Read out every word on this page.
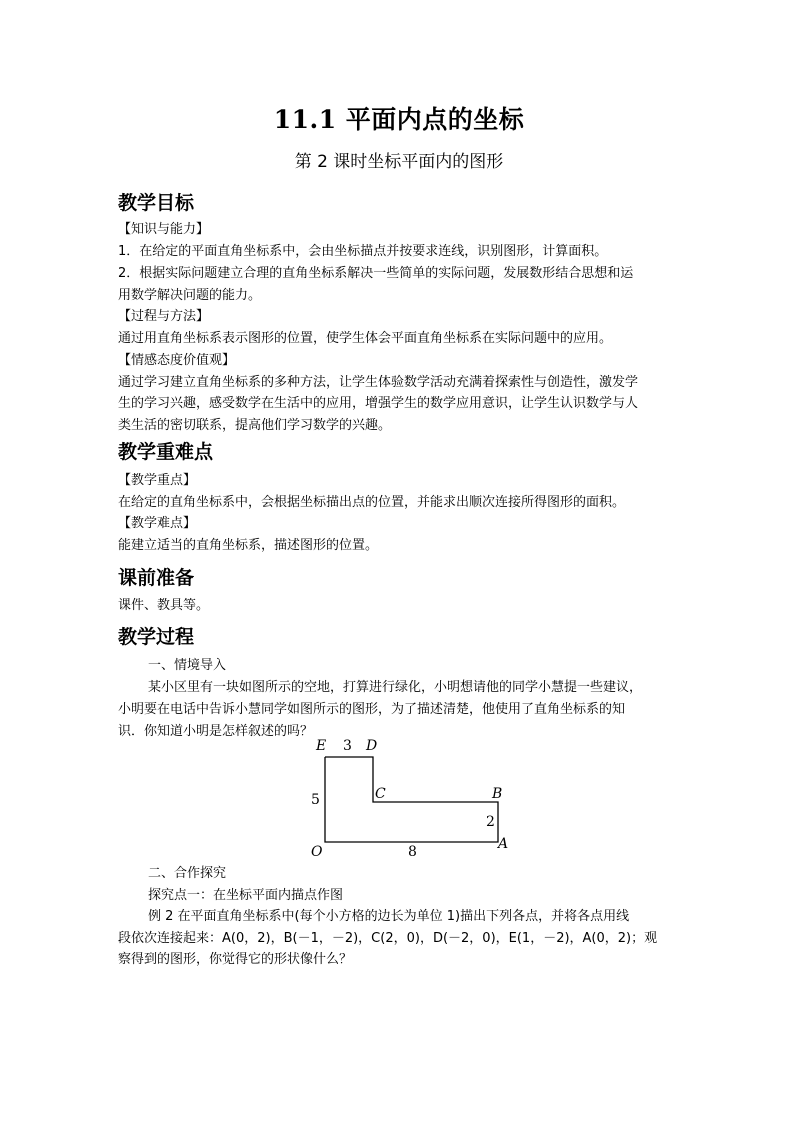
11.1 平面内点的坐标
第 2 课时坐标平面内的图形
教学目标
【知识与能力】
1．在给定的平面直角坐标系中，会由坐标描点并按要求连线，识别图形，计算面积。
2．根据实际问题建立合理的直角坐标系解决一些简单的实际问题，发展数形结合思想和运
用数学解决问题的能力。
【过程与方法】
通过用直角坐标系表示图形的位置，使学生体会平面直角坐标系在实际问题中的应用。
【情感态度价值观】
通过学习建立直角坐标系的多种方法，让学生体验数学活动充满着探索性与创造性，激发学
生的学习兴趣，感受数学在生活中的应用，增强学生的数学应用意识，让学生认识数学与人
类生活的密切联系，提高他们学习数学的兴趣。
教学重难点
【教学重点】
在给定的直角坐标系中，会根据坐标描出点的位置，并能求出顺次连接所得图形的面积。
【教学难点】
能建立适当的直角坐标系，描述图形的位置。
课前准备
课件、教具等。
教学过程
一、情境导入
某小区里有一块如图所示的空地，打算进行绿化，小明想请他的同学小慧提一些建议，
小明要在电话中告诉小慧同学如图所示的图形，为了描述清楚，他使用了直角坐标系的知
识．你知道小明是怎样叙述的吗？
E 3 D
5	C	B
2
A
O	8
二、合作探究
探究点一：在坐标平面内描点作图
例 2 在平面直角坐标系中(每个小方格的边长为单位 1)描出下列各点，并将各点用线
段依次连接起来：A(0，2)，B(－1，－2)，C(2，0)，D(－2，0)，E(1，－2)，A(0，2)；观
察得到的图形，你觉得它的形状像什么？
